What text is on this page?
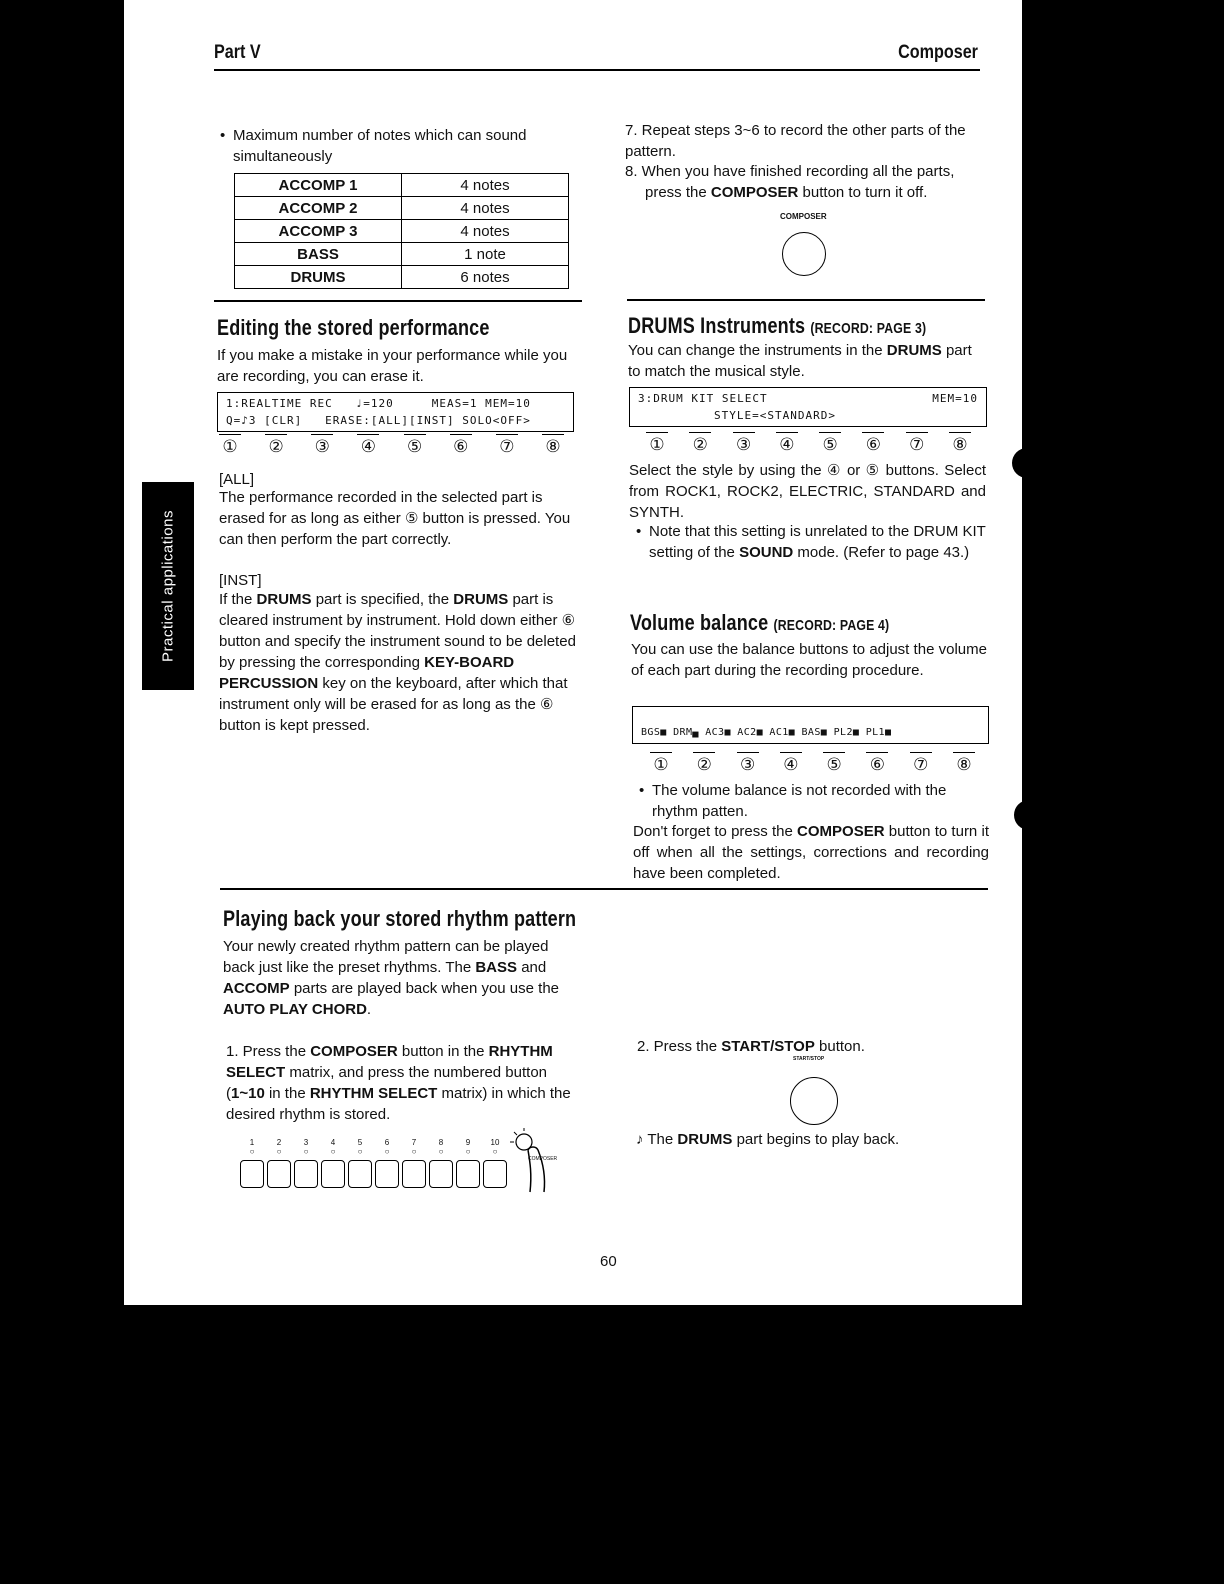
Part V	Composer
Practical applications
• Maximum number of notes which can sound simultaneously
ACCOMP 1	4 notes
ACCOMP 2	4 notes
ACCOMP 3	4 notes
BASS	1 note
DRUMS	6 notes
7. Repeat steps 3~6 to record the other parts of the pattern.
8. When you have finished recording all the parts,
press the COMPOSER button to turn it off.
COMPOSER
Editing the stored performance
If you make a mistake in your performance while you are recording, you can erase it.
1:REALTIME REC   ♩=120     MEAS=1 MEM=10
Q=♪3 [CLR]   ERASE:[ALL][INST] SOLO<OFF>
① ② ③ ④ ⑤ ⑥ ⑦ ⑧
[ALL]
The performance recorded in the selected part is erased for as long as either ⑤ button is pressed. You can then perform the part correctly.
[INST]
If the DRUMS part is specified, the DRUMS part is cleared instrument by instrument. Hold down either ⑥ button and specify the instrument sound to be deleted by pressing the corresponding KEY-BOARD PERCUSSION key on the keyboard, after which that instrument only will be erased for as long as the ⑥ button is kept pressed.
DRUMS Instruments (RECORD: PAGE 3)
You can change the instruments in the DRUMS part to match the musical style.
3:DRUM KIT SELECT	MEM=10
STYLE=<STANDARD>
① ② ③ ④ ⑤ ⑥ ⑦ ⑧
Select the style by using the ④ or ⑤ buttons. Select from ROCK1, ROCK2, ELECTRIC, STANDARD and SYNTH.
• Note that this setting is unrelated to the DRUM KIT setting of the SOUND mode. (Refer to page 43.)
Volume balance (RECORD: PAGE 4)
You can use the balance buttons to adjust the volume of each part during the recording procedure.
BGS■ DRM▄ AC3■ AC2■ AC1■ BAS■ PL2■ PL1■
① ② ③ ④ ⑤ ⑥ ⑦ ⑧
• The volume balance is not recorded with the rhythm patten.
Don't forget to press the COMPOSER button to turn it off when all the settings, corrections and recording have been completed.
Playing back your stored rhythm pattern
Your newly created rhythm pattern can be played back just like the preset rhythms. The BASS and ACCOMP parts are played back when you use the AUTO PLAY CHORD.
1. Press the COMPOSER button in the RHYTHM SELECT matrix, and press the numbered button (1~10 in the RHYTHM SELECT matrix) in which the desired rhythm is stored.
1
○
2
○
3
○
4
○
5
○
6
○
7
○
8
○
9
○
10
○
COMPOSER
2. Press the START/STOP button.
START/STOP
♪ The DRUMS part begins to play back.
60
